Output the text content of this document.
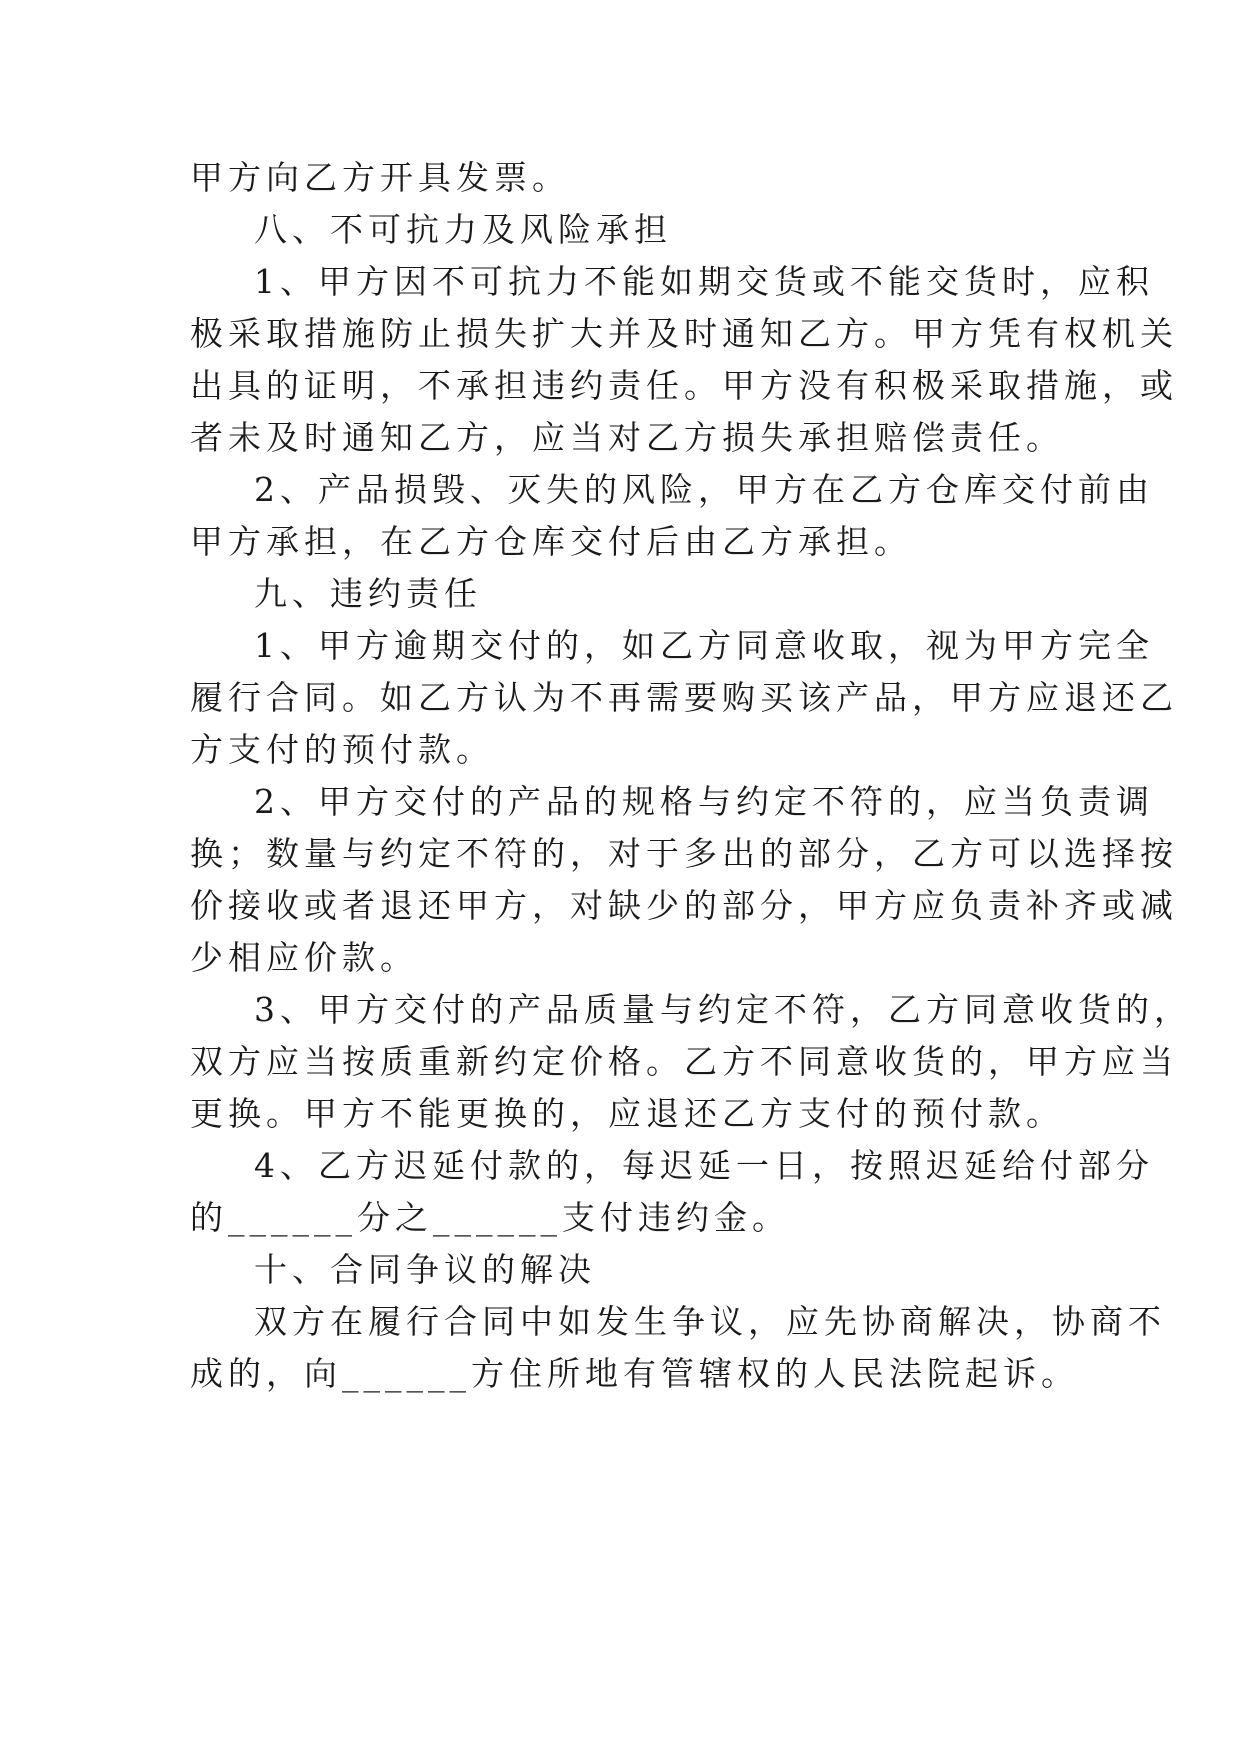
甲方向乙方开具发票。
八、不可抗力及风险承担
1、甲方因不可抗力不能如期交货或不能交货时，应积
极采取措施防止损失扩大并及时通知乙方。甲方凭有权机关
出具的证明，不承担违约责任。甲方没有积极采取措施，或
者未及时通知乙方，应当对乙方损失承担赔偿责任。
2、产品损毁、灭失的风险，甲方在乙方仓库交付前由
甲方承担，在乙方仓库交付后由乙方承担。
九、违约责任
1、甲方逾期交付的，如乙方同意收取，视为甲方完全
履行合同。如乙方认为不再需要购买该产品，甲方应退还乙
方支付的预付款。
2、甲方交付的产品的规格与约定不符的，应当负责调
换；数量与约定不符的，对于多出的部分，乙方可以选择按
价接收或者退还甲方，对缺少的部分，甲方应负责补齐或减
少相应价款。
3、甲方交付的产品质量与约定不符，乙方同意收货的，
双方应当按质重新约定价格。乙方不同意收货的，甲方应当
更换。甲方不能更换的，应退还乙方支付的预付款。
4、乙方迟延付款的，每迟延一日，按照迟延给付部分
的______分之______支付违约金。
十、合同争议的解决
双方在履行合同中如发生争议，应先协商解决，协商不
成的，向______方住所地有管辖权的人民法院起诉。
